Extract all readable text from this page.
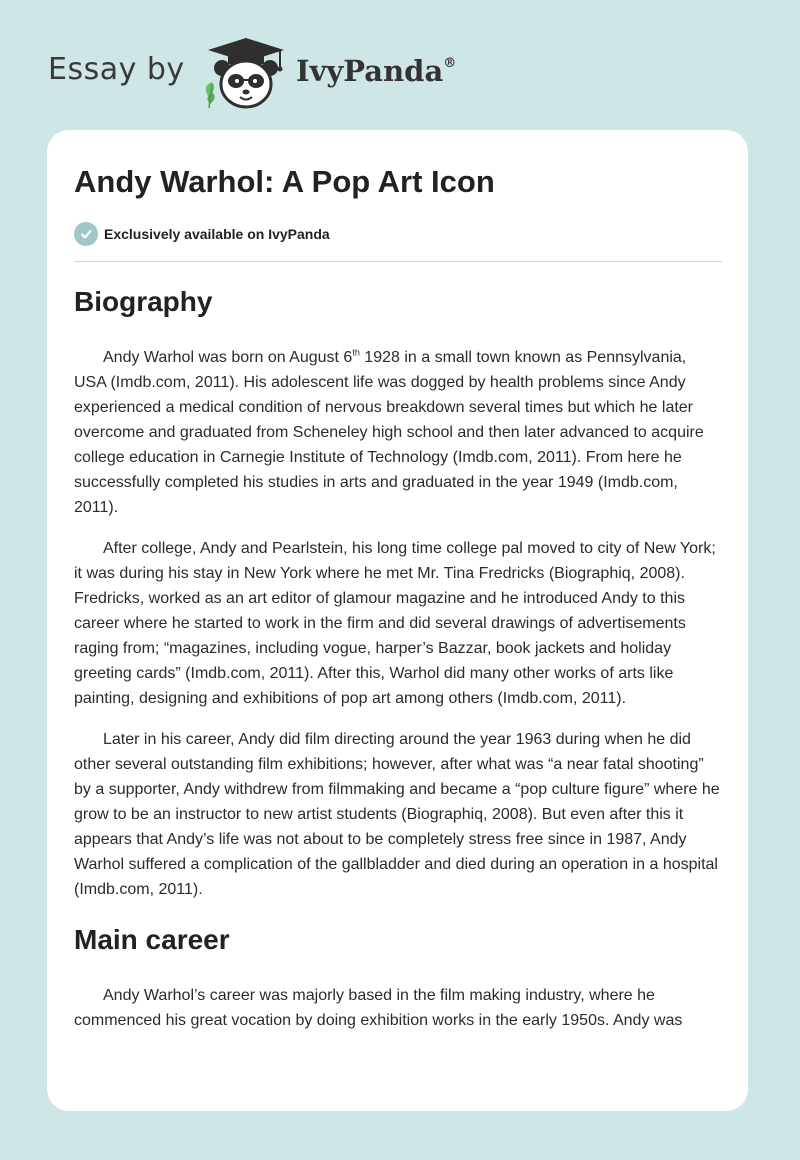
Essay by	IvyPanda®
Andy Warhol: A Pop Art Icon
Exclusively available on IvyPanda
Biography

Andy Warhol was born on August 6th 1928 in a small town known as Pennsylvania, USA (Imdb.com, 2011). His adolescent life was dogged by health problems since Andy experienced a medical condition of nervous breakdown several times but which he later overcome and graduated from Scheneley high school and then later advanced to acquire college education in Carnegie Institute of Technology (Imdb.com, 2011). From here he successfully completed his studies in arts and graduated in the year 1949 (Imdb.com, 2011).

After college, Andy and Pearlstein, his long time college pal moved to city of New York; it was during his stay in New York where he met Mr. Tina Fredricks (Biographiq, 2008). Fredricks, worked as an art editor of glamour magazine and he introduced Andy to this career where he started to work in the firm and did several drawings of advertisements raging from; “magazines, including vogue, harper’s Bazzar, book jackets and holiday greeting cards” (Imdb.com, 2011). After this, Warhol did many other works of arts like painting, designing and exhibitions of pop art among others (Imdb.com, 2011).

Later in his career, Andy did film directing around the year 1963 during when he did other several outstanding film exhibitions; however, after what was “a near fatal shooting” by a supporter, Andy withdrew from filmmaking and became a “pop culture figure” where he grow to be an instructor to new artist students (Biographiq, 2008). But even after this it appears that Andy’s life was not about to be completely stress free since in 1987, Andy Warhol suffered a complication of the gallbladder and died during an operation in a hospital (Imdb.com, 2011).

Main career

Andy Warhol’s career was majorly based in the film making industry, where he commenced his great vocation by doing exhibition works in the early 1950s. Andy was
